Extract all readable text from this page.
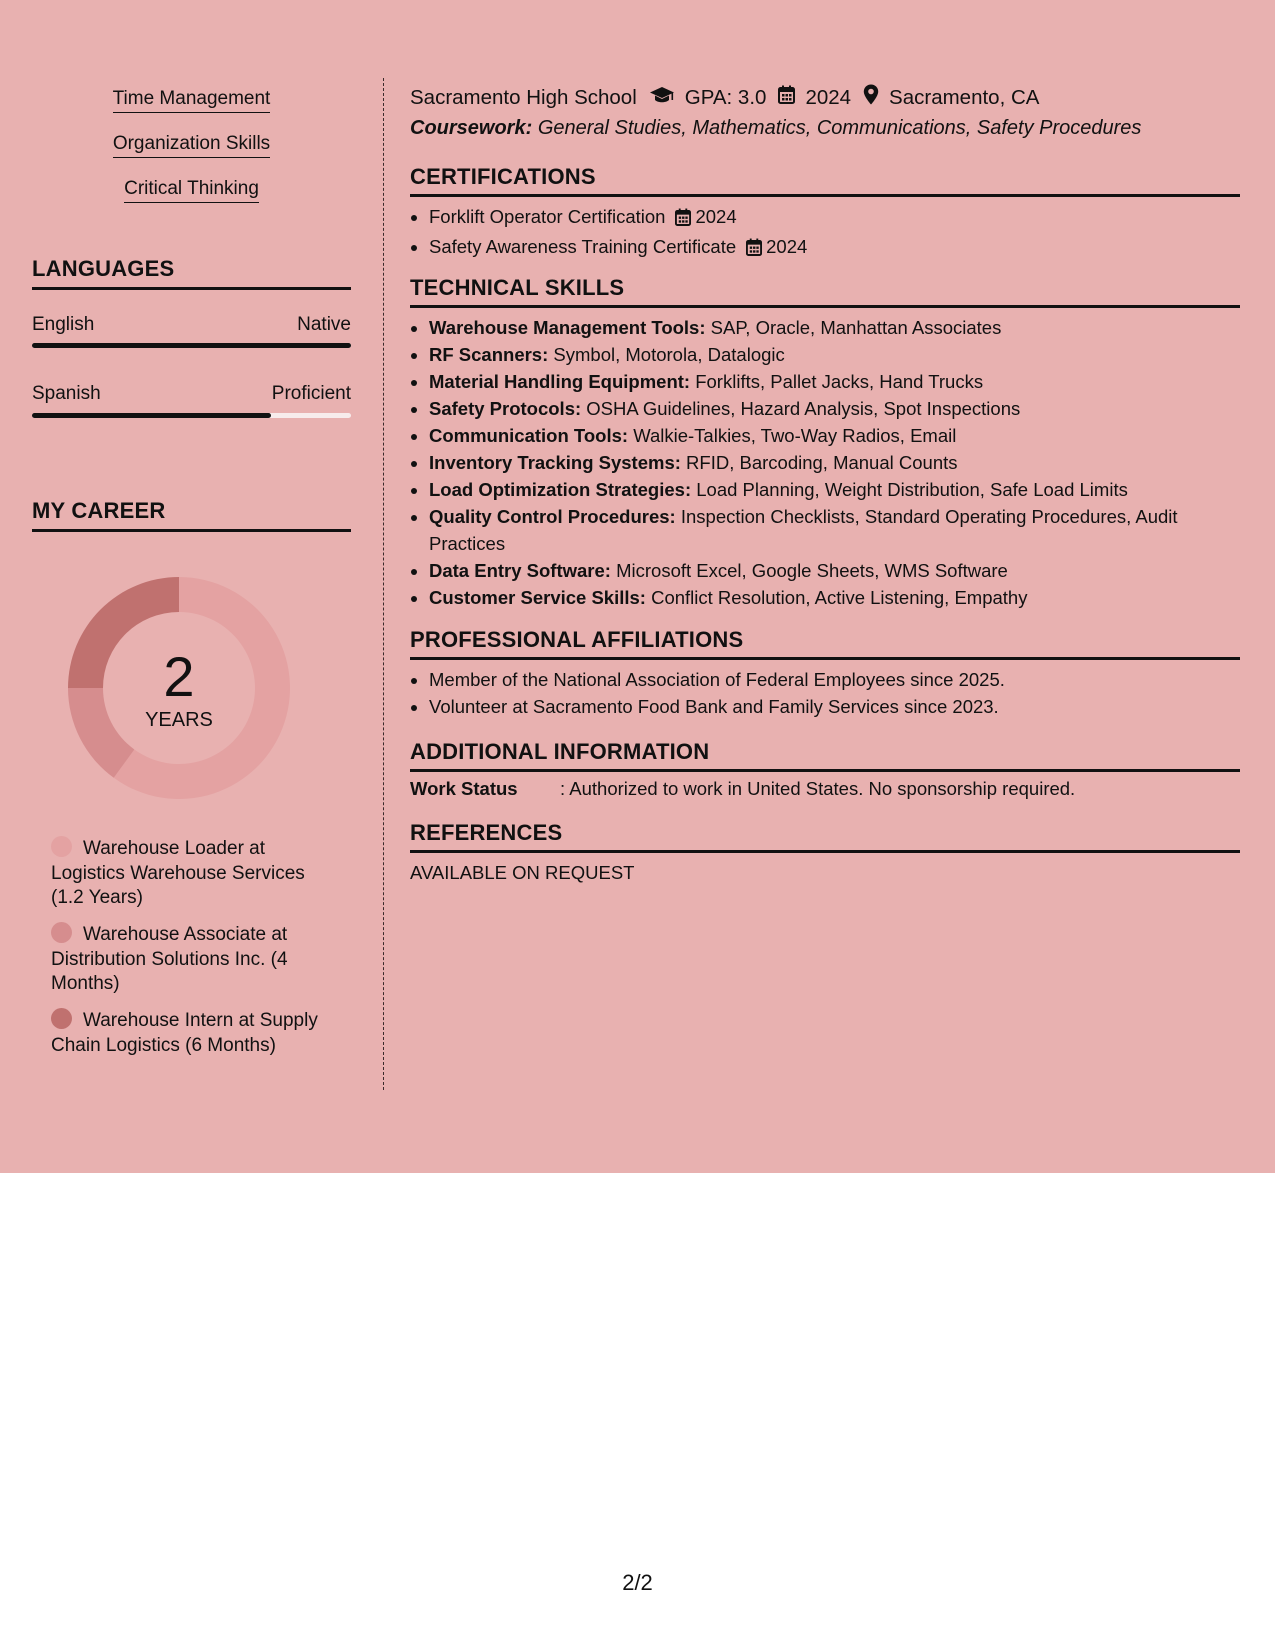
Time Management
Organization Skills
Critical Thinking
LANGUAGES
English	Native
Spanish	Proficient
MY CAREER
2
YEARS
Warehouse Loader at Logistics Warehouse Services (1.2 Years)
Warehouse Associate at Distribution Solutions Inc. (4 Months)
Warehouse Intern at Supply Chain Logistics (6 Months)
Sacramento High School GPA: 3.0 2024 Sacramento, CA
Coursework: General Studies, Mathematics, Communications, Safety Procedures
CERTIFICATIONS
• Forklift Operator Certification 2024
• Safety Awareness Training Certificate 2024
TECHNICAL SKILLS
• Warehouse Management Tools: SAP, Oracle, Manhattan Associates
• RF Scanners: Symbol, Motorola, Datalogic
• Material Handling Equipment: Forklifts, Pallet Jacks, Hand Trucks
• Safety Protocols: OSHA Guidelines, Hazard Analysis, Spot Inspections
• Communication Tools: Walkie-Talkies, Two-Way Radios, Email
• Inventory Tracking Systems: RFID, Barcoding, Manual Counts
• Load Optimization Strategies: Load Planning, Weight Distribution, Safe Load Limits
• Quality Control Procedures: Inspection Checklists, Standard Operating Procedures, Audit Practices
• Data Entry Software: Microsoft Excel, Google Sheets, WMS Software
• Customer Service Skills: Conflict Resolution, Active Listening, Empathy
PROFESSIONAL AFFILIATIONS
• Member of the National Association of Federal Employees since 2025.
• Volunteer at Sacramento Food Bank and Family Services since 2023.
ADDITIONAL INFORMATION
Work Status : Authorized to work in United States. No sponsorship required.
REFERENCES
AVAILABLE ON REQUEST
2/2
